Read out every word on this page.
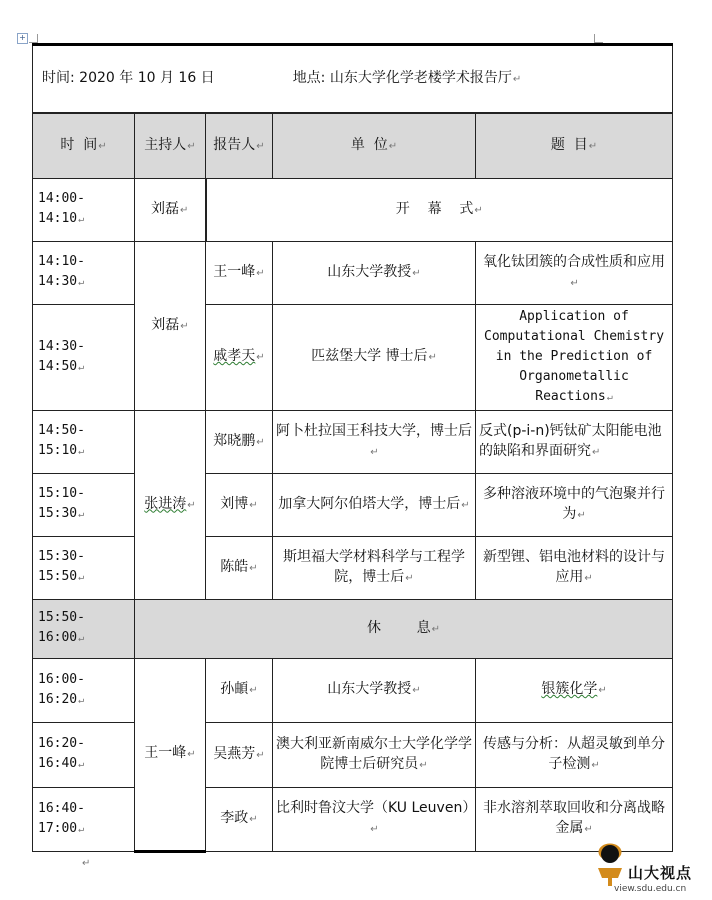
+
时间: 2020 年 10 月 16 日 地点: 山东大学化学老楼学术报告厅↵				
时  间↵	主持人↵	报告人↵	单  位↵	题  目↵
14:00-14:10↵	刘磊↵	开    幕    式↵		
14:10-14:30↵	刘磊↵	王一峰↵	山东大学教授↵	氧化钛团簇的合成性质和应用↵
14:30-14:50↵		戚孝天↵	匹兹堡大学 博士后↵	Application of Computational Chemistry in the Prediction of Organometallic Reactions↵
14:50-15:10↵	张进涛↵	郑晓鹏↵	阿卜杜拉国王科技大学，博士后↵	反式(p-i-n)钙钛矿太阳能电池的缺陷和界面研究↵
15:10-15:30↵		刘博↵	加拿大阿尔伯塔大学，博士后↵	多种溶液环境中的气泡聚并行为↵
15:30-15:50↵		陈皓↵	斯坦福大学材料科学与工程学院，博士后↵	新型锂、铝电池材料的设计与应用↵
15:50-16:00↵	休        息↵			
16:00-16:20↵	王一峰↵	孙頔↵	山东大学教授↵	银簇化学↵
16:20-16:40↵		吴燕芳↵	澳大利亚新南威尔士大学化学学院博士后研究员↵	传感与分析：从超灵敏到单分子检测↵
16:40-17:00↵		李政↵	比利时鲁汶大学（KU Leuven）↵	非水溶剂萃取回收和分离战略金属↵
↵
山大视点
view.sdu.edu.cn
